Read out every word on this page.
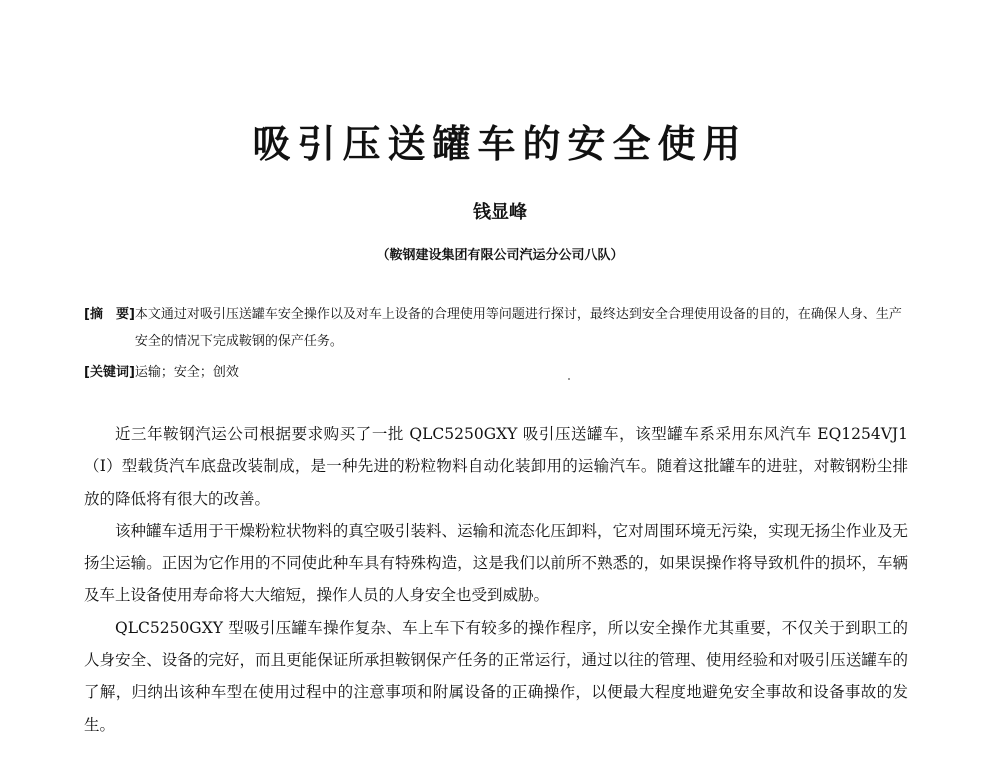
吸引压送罐车的安全使用
钱显峰
（鞍钢建设集团有限公司汽运分公司八队）
[摘　要] 本文通过对吸引压送罐车安全操作以及对车上设备的合理使用等问题进行探讨，最终达到安全合理使用设备的目的，在确保人身、生产安全的情况下完成鞍钢的保产任务。
[关键词] 运输；安全；创效

近三年鞍钢汽运公司根据要求购买了一批 QLC5250GXY 吸引压送罐车，该型罐车系采用东风汽车 EQ1254VJ1（I）型载货汽车底盘改装制成，是一种先进的粉粒物料自动化装卸用的运输汽车。随着这批罐车的进驻，对鞍钢粉尘排放的降低将有很大的改善。

该种罐车适用于干燥粉粒状物料的真空吸引装料、运输和流态化压卸料，它对周围环境无污染，实现无扬尘作业及无扬尘运输。正因为它作用的不同使此种车具有特殊构造，这是我们以前所不熟悉的，如果误操作将导致机件的损坏，车辆及车上设备使用寿命将大大缩短，操作人员的人身安全也受到威胁。

QLC5250GXY 型吸引压罐车操作复杂、车上车下有较多的操作程序，所以安全操作尤其重要，不仅关于到职工的人身安全、设备的完好，而且更能保证所承担鞍钢保产任务的正常运行，通过以往的管理、使用经验和对吸引压送罐车的了解，归纳出该种车型在使用过程中的注意事项和附属设备的正确操作，以便最大程度地避免安全事故和设备事故的发生。
